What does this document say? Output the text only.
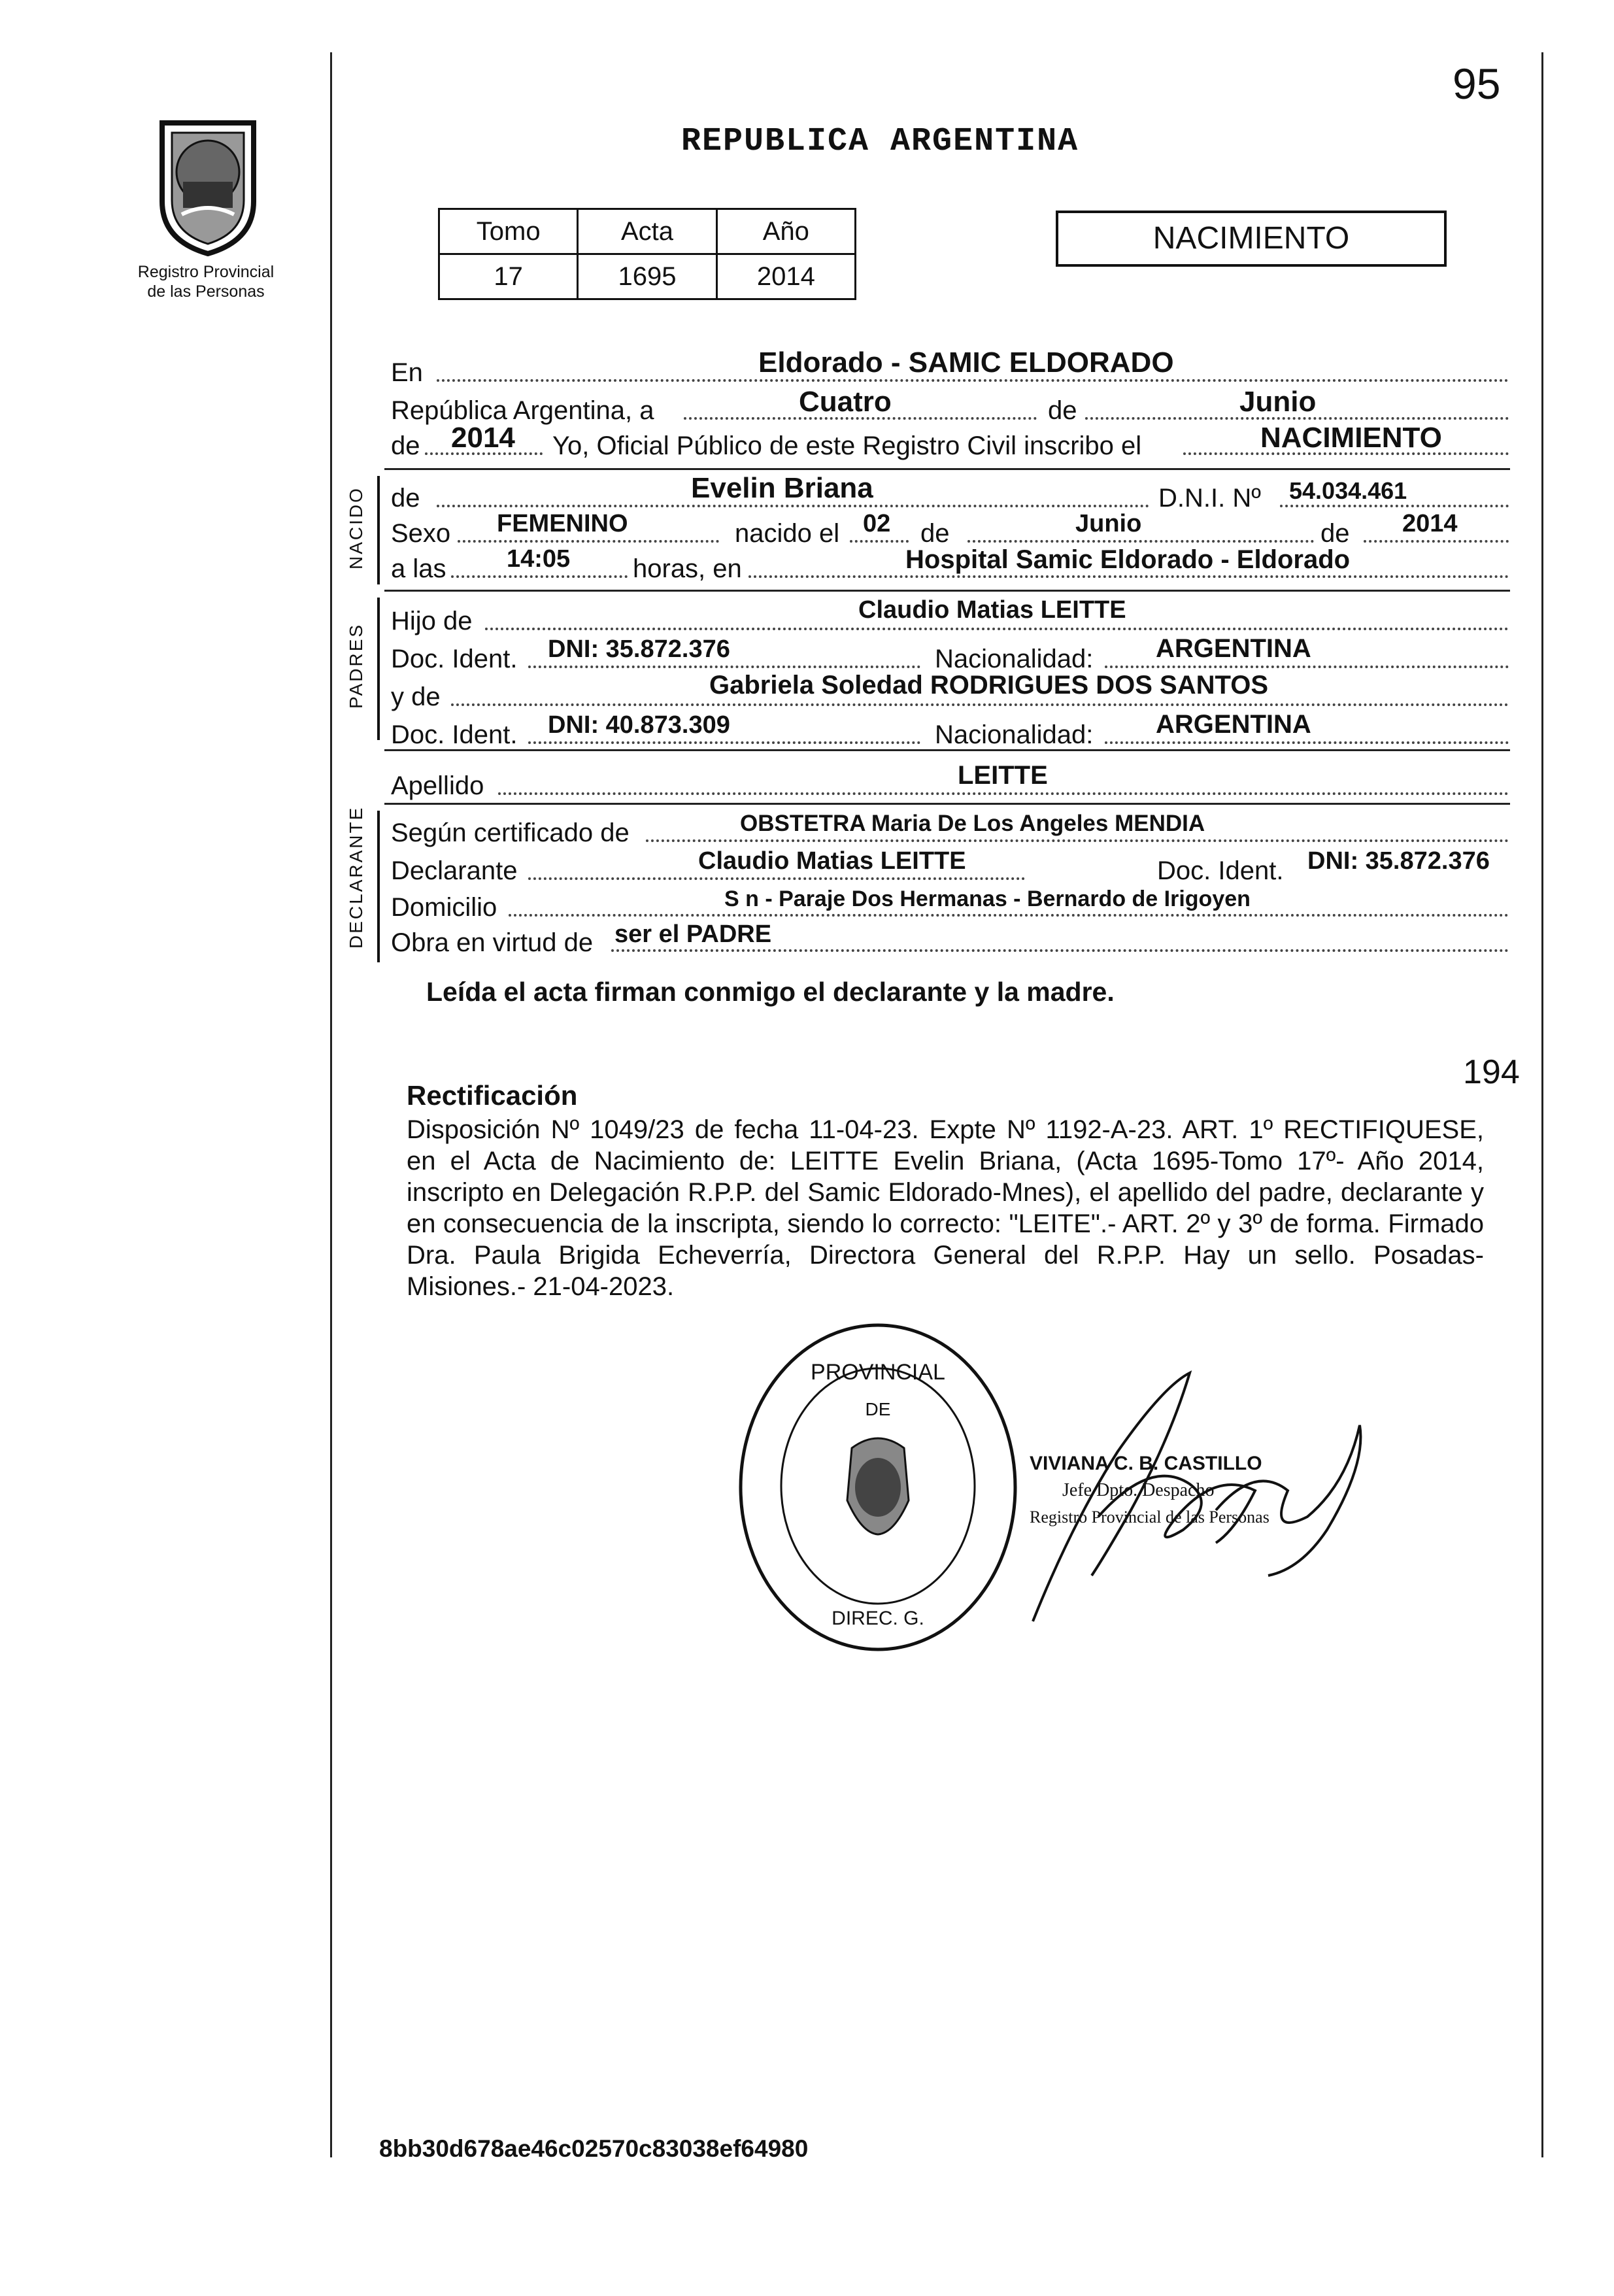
95
Registro Provincial
de las Personas
REPUBLICA ARGENTINA
Tomo	Acta	Año
17	1695	2014
NACIMIENTO
En	Eldorado - SAMIC ELDORADO
República Argentina, a	Cuatro	de	Junio
de 2014 Yo, Oficial Público de este Registro Civil inscribo el	NACIMIENTO
NACIDO de	Evelin Briana	D.N.I. Nº 54.034.461
Sexo FEMENINO	nacido el 02 de	Junio	de 2014
a las 14:05 horas, en	Hospital Samic Eldorado - Eldorado
PADRES
Hijo de	Claudio Matias LEITTE
Doc. Ident. DNI: 35.872.376	Nacionalidad: ARGENTINA
y de	Gabriela Soledad RODRIGUES DOS SANTOS
Doc. Ident. DNI: 40.873.309	Nacionalidad: ARGENTINA
Apellido	LEITTE
DECLARANTE Según certificado de	OBSTETRA Maria De Los Angeles MENDIA
Declarante	Claudio Matias LEITTE	Doc. Ident. DNI: 35.872.376
Domicilio	S n - Paraje Dos Hermanas - Bernardo de Irigoyen
Obra en virtud de ser el PADRE
Leída el acta firman conmigo el declarante y la madre.
194
Rectificación
Disposición Nº 1049/23 de fecha 11-04-23. Expte Nº 1192-A-23. ART. 1º RECTIFIQUESE, en el Acta de Nacimiento de: LEITTE Evelin Briana, (Acta 1695-Tomo 17º- Año 2014, inscripto en Delegación R.P.P. del Samic Eldorado-Mnes), el apellido del padre, declarante y en consecuencia de la inscripta, siendo lo correcto: "LEITE".- ART. 2º y 3º de forma. Firmado Dra. Paula Brigida Echeverría, Directora General del R.P.P. Hay un sello. Posadas- Misiones.- 21-04-2023.
PROVINCIAL
DE
DIREC. G.
VIVIANA C. B. CASTILLO
Jefe Dpto. Despacho
Registro Provincial de las Personas
8bb30d678ae46c02570c83038ef64980
